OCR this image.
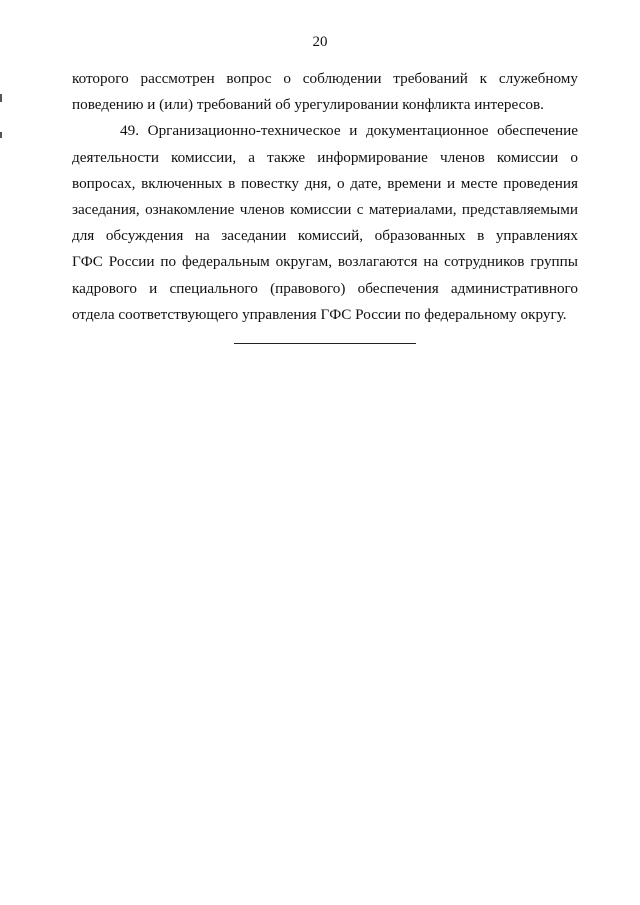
20
которого рассмотрен вопрос о соблюдении требований к служебному
поведению и (или) требований об урегулировании конфликта интересов.
49. Организационно-техническое и документационное обеспечение
деятельности комиссии, а также информирование членов комиссии о
вопросах, включенных в повестку дня, о дате, времени и месте проведения
заседания, ознакомление членов комиссии с материалами, представляемыми
для обсуждения на заседании комиссий, образованных в управлениях
ГФС России по федеральным округам, возлагаются на сотрудников группы
кадрового и специального (правового) обеспечения административного
отдела соответствующего управления ГФС России по федеральному округу.
